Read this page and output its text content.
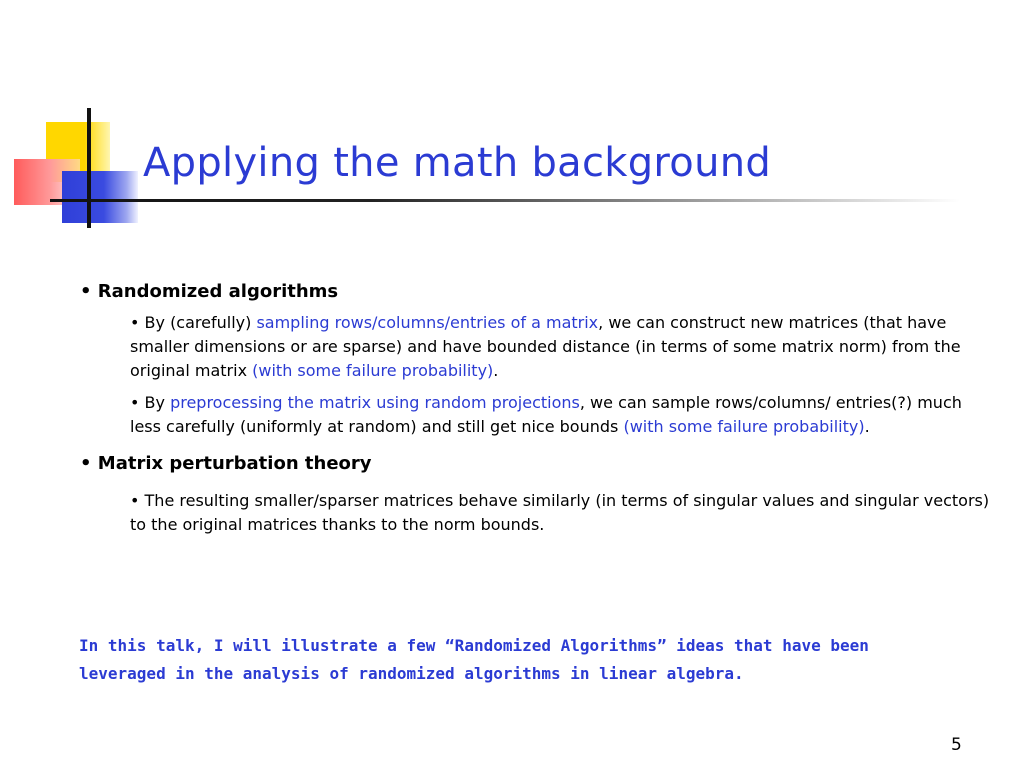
Applying the math background
• Randomized algorithms
• By (carefully) sampling rows/columns/entries of a matrix, we can construct new matrices (that have smaller dimensions or are sparse) and have bounded distance (in terms of some matrix norm) from the original matrix (with some failure probability).
• By preprocessing the matrix using random projections, we can sample rows/columns/ entries(?) much less carefully (uniformly at random) and still get nice bounds (with some failure probability).
• Matrix perturbation theory
• The resulting smaller/sparser matrices behave similarly (in terms of singular values and singular vectors) to the original matrices thanks to the norm bounds.
In this talk, I will illustrate a few “Randomized Algorithms” ideas that have been leveraged in the analysis of randomized algorithms in linear algebra.
5
